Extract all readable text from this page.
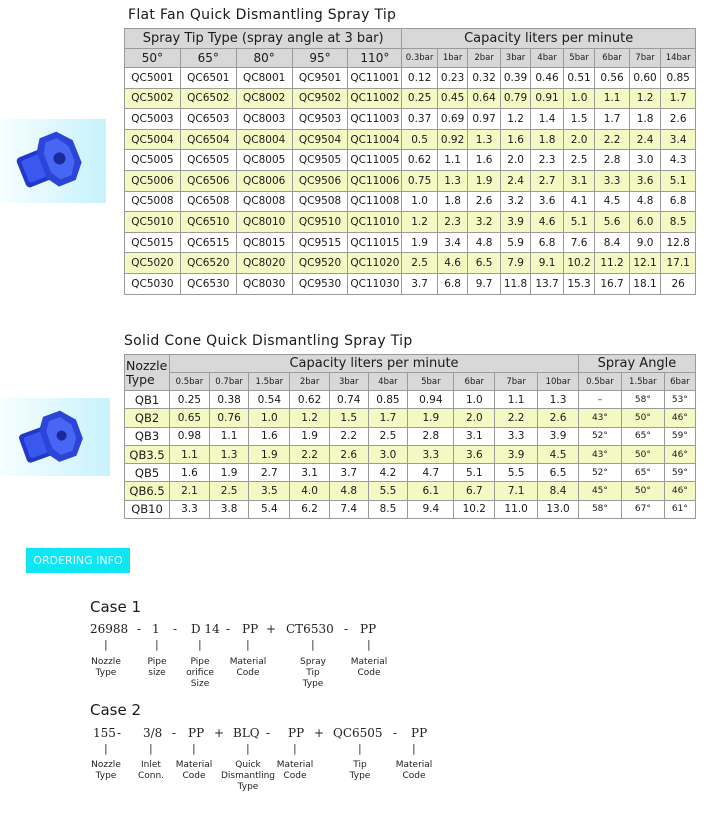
Flat Fan Quick Dismantling Spray Tip
Spray Tip Type (spray angle at 3 bar)					Capacity liters per minute								
50°	65°	80°	95°	110°	0.3bar	1bar	2bar	3bar	4bar	5bar	6bar	7bar	14bar
QC5001	QC6501	QC8001	QC9501	QC11001	0.12	0.23	0.32	0.39	0.46	0.51	0.56	0.60	0.85
QC5002	QC6502	QC8002	QC9502	QC11002	0.25	0.45	0.64	0.79	0.91	1.0	1.1	1.2	1.7
QC5003	QC6503	QC8003	QC9503	QC11003	0.37	0.69	0.97	1.2	1.4	1.5	1.7	1.8	2.6
QC5004	QC6504	QC8004	QC9504	QC11004	0.5	0.92	1.3	1.6	1.8	2.0	2.2	2.4	3.4
QC5005	QC6505	QC8005	QC9505	QC11005	0.62	1.1	1.6	2.0	2.3	2.5	2.8	3.0	4.3
QC5006	QC6506	QC8006	QC9506	QC11006	0.75	1.3	1.9	2.4	2.7	3.1	3.3	3.6	5.1
QC5008	QC6508	QC8008	QC9508	QC11008	1.0	1.8	2.6	3.2	3.6	4.1	4.5	4.8	6.8
QC5010	QC6510	QC8010	QC9510	QC11010	1.2	2.3	3.2	3.9	4.6	5.1	5.6	6.0	8.5
QC5015	QC6515	QC8015	QC9515	QC11015	1.9	3.4	4.8	5.9	6.8	7.6	8.4	9.0	12.8
QC5020	QC6520	QC8020	QC9520	QC11020	2.5	4.6	6.5	7.9	9.1	10.2	11.2	12.1	17.1
QC5030	QC6530	QC8030	QC9530	QC11030	3.7	6.8	9.7	11.8	13.7	15.3	16.7	18.1	26
Solid Cone Quick Dismantling Spray Tip
Nozzle
Type	Capacity liters per minute										Spray Angle		
	0.5bar	0.7bar	1.5bar	2bar	3bar	4bar	5bar	6bar	7bar	10bar	0.5bar	1.5bar	6bar
QB1	0.25	0.38	0.54	0.62	0.74	0.85	0.94	1.0	1.1	1.3	–	58°	53°
QB2	0.65	0.76	1.0	1.2	1.5	1.7	1.9	2.0	2.2	2.6	43°	50°	46°
QB3	0.98	1.1	1.6	1.9	2.2	2.5	2.8	3.1	3.3	3.9	52°	65°	59°
QB3.5	1.1	1.3	1.9	2.2	2.6	3.0	3.3	3.6	3.9	4.5	43°	50°	46°
QB5	1.6	1.9	2.7	3.1	3.7	4.2	4.7	5.1	5.5	6.5	52°	65°	59°
QB6.5	2.1	2.5	3.5	4.0	4.8	5.5	6.1	6.7	7.1	8.4	45°	50°	46°
QB10	3.3	3.8	5.4	6.2	7.4	8.5	9.4	10.2	11.0	13.0	58°	67°	61°
ORDERING INFO
Case 1
26988 - 1 - D 14 - PP + CT6530 - PP
|
Nozzle
Type
|
Pipe
size
|
Pipe
orifice
Size
|
Material
Code
|
Spray
Tip
Type
|
Material
Code
Case 2
155 - 3/8 - PP + BLQ - PP + QC6505 - PP
|
Nozzle
Type
|
Inlet
Conn.
|
Material
Code
|
Quick
Dismantling
Type
|
Material
Code
|
Tip
Type
|
Material
Code
